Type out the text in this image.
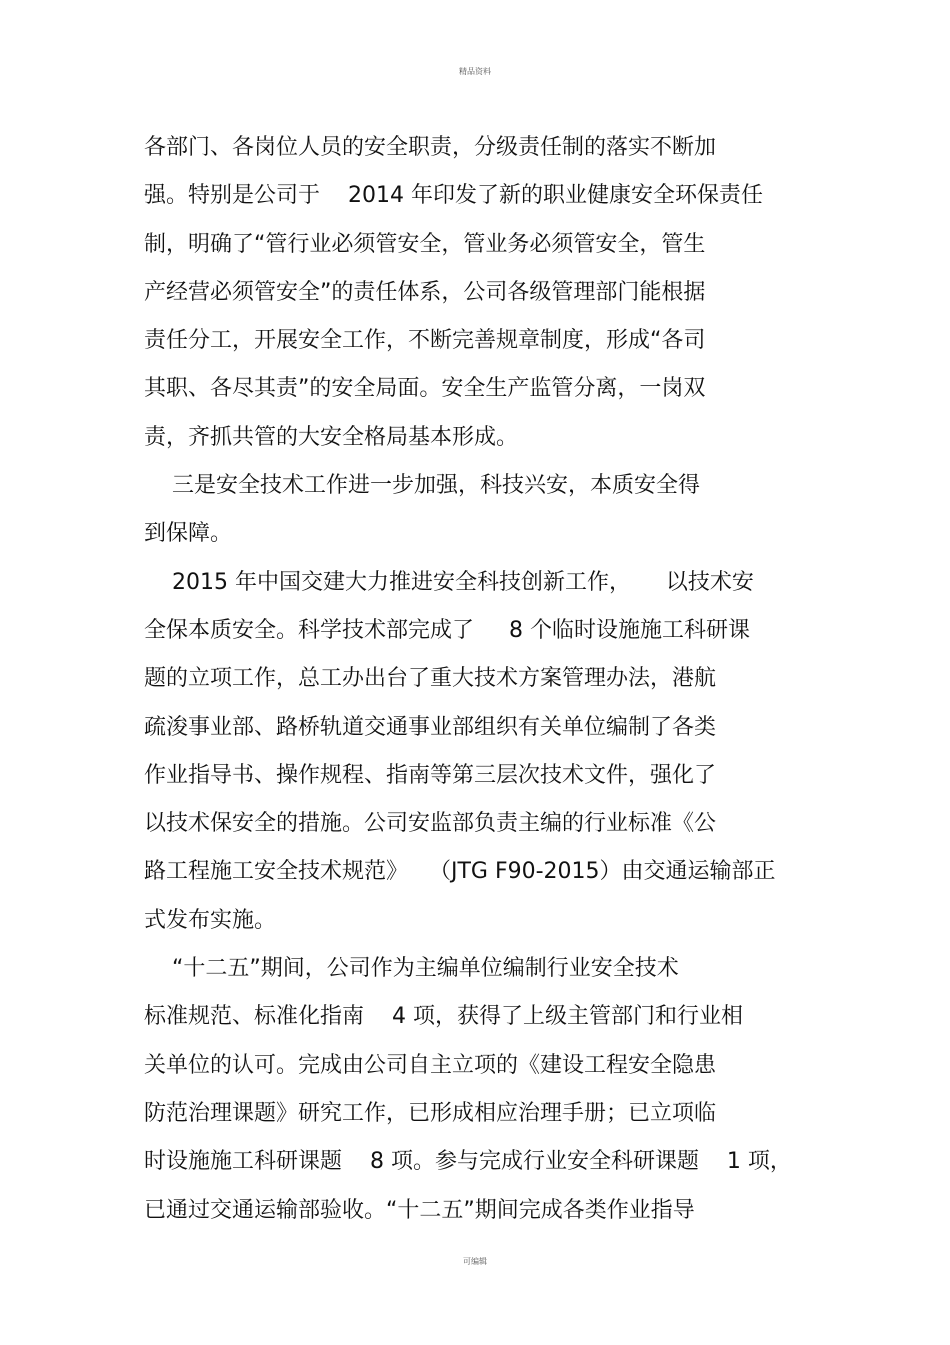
精品资料
各部门、各岗位人员的安全职责，分级责任制的落实不断加
强。特别是公司于    2014 年印发了新的职业健康安全环保责任
制，明确了“管行业必须管安全，管业务必须管安全，管生
产经营必须管安全”的责任体系，公司各级管理部门能根据
责任分工，开展安全工作，不断完善规章制度，形成“各司
其职、各尽其责”的安全局面。安全生产监管分离，一岗双
责，齐抓共管的大安全格局基本形成。
三是安全技术工作进一步加强，科技兴安，本质安全得
到保障。
2015 年中国交建大力推进安全科技创新工作，     以技术安
全保本质安全。科学技术部完成了     8 个临时设施施工科研课
题的立项工作，总工办出台了重大技术方案管理办法，港航
疏浚事业部、路桥轨道交通事业部组织有关单位编制了各类
作业指导书、操作规程、指南等第三层次技术文件，强化了
以技术保安全的措施。公司安监部负责主编的行业标准《公
路工程施工安全技术规范》   （JTG F90-2015）由交通运输部正
式发布实施。
“十二五”期间，公司作为主编单位编制行业安全技术
标准规范、标准化指南    4 项，获得了上级主管部门和行业相
关单位的认可。完成由公司自主立项的《建设工程安全隐患
防范治理课题》研究工作，已形成相应治理手册；已立项临
时设施施工科研课题    8 项。参与完成行业安全科研课题    1 项，
已通过交通运输部验收。“十二五”期间完成各类作业指导
可编辑
